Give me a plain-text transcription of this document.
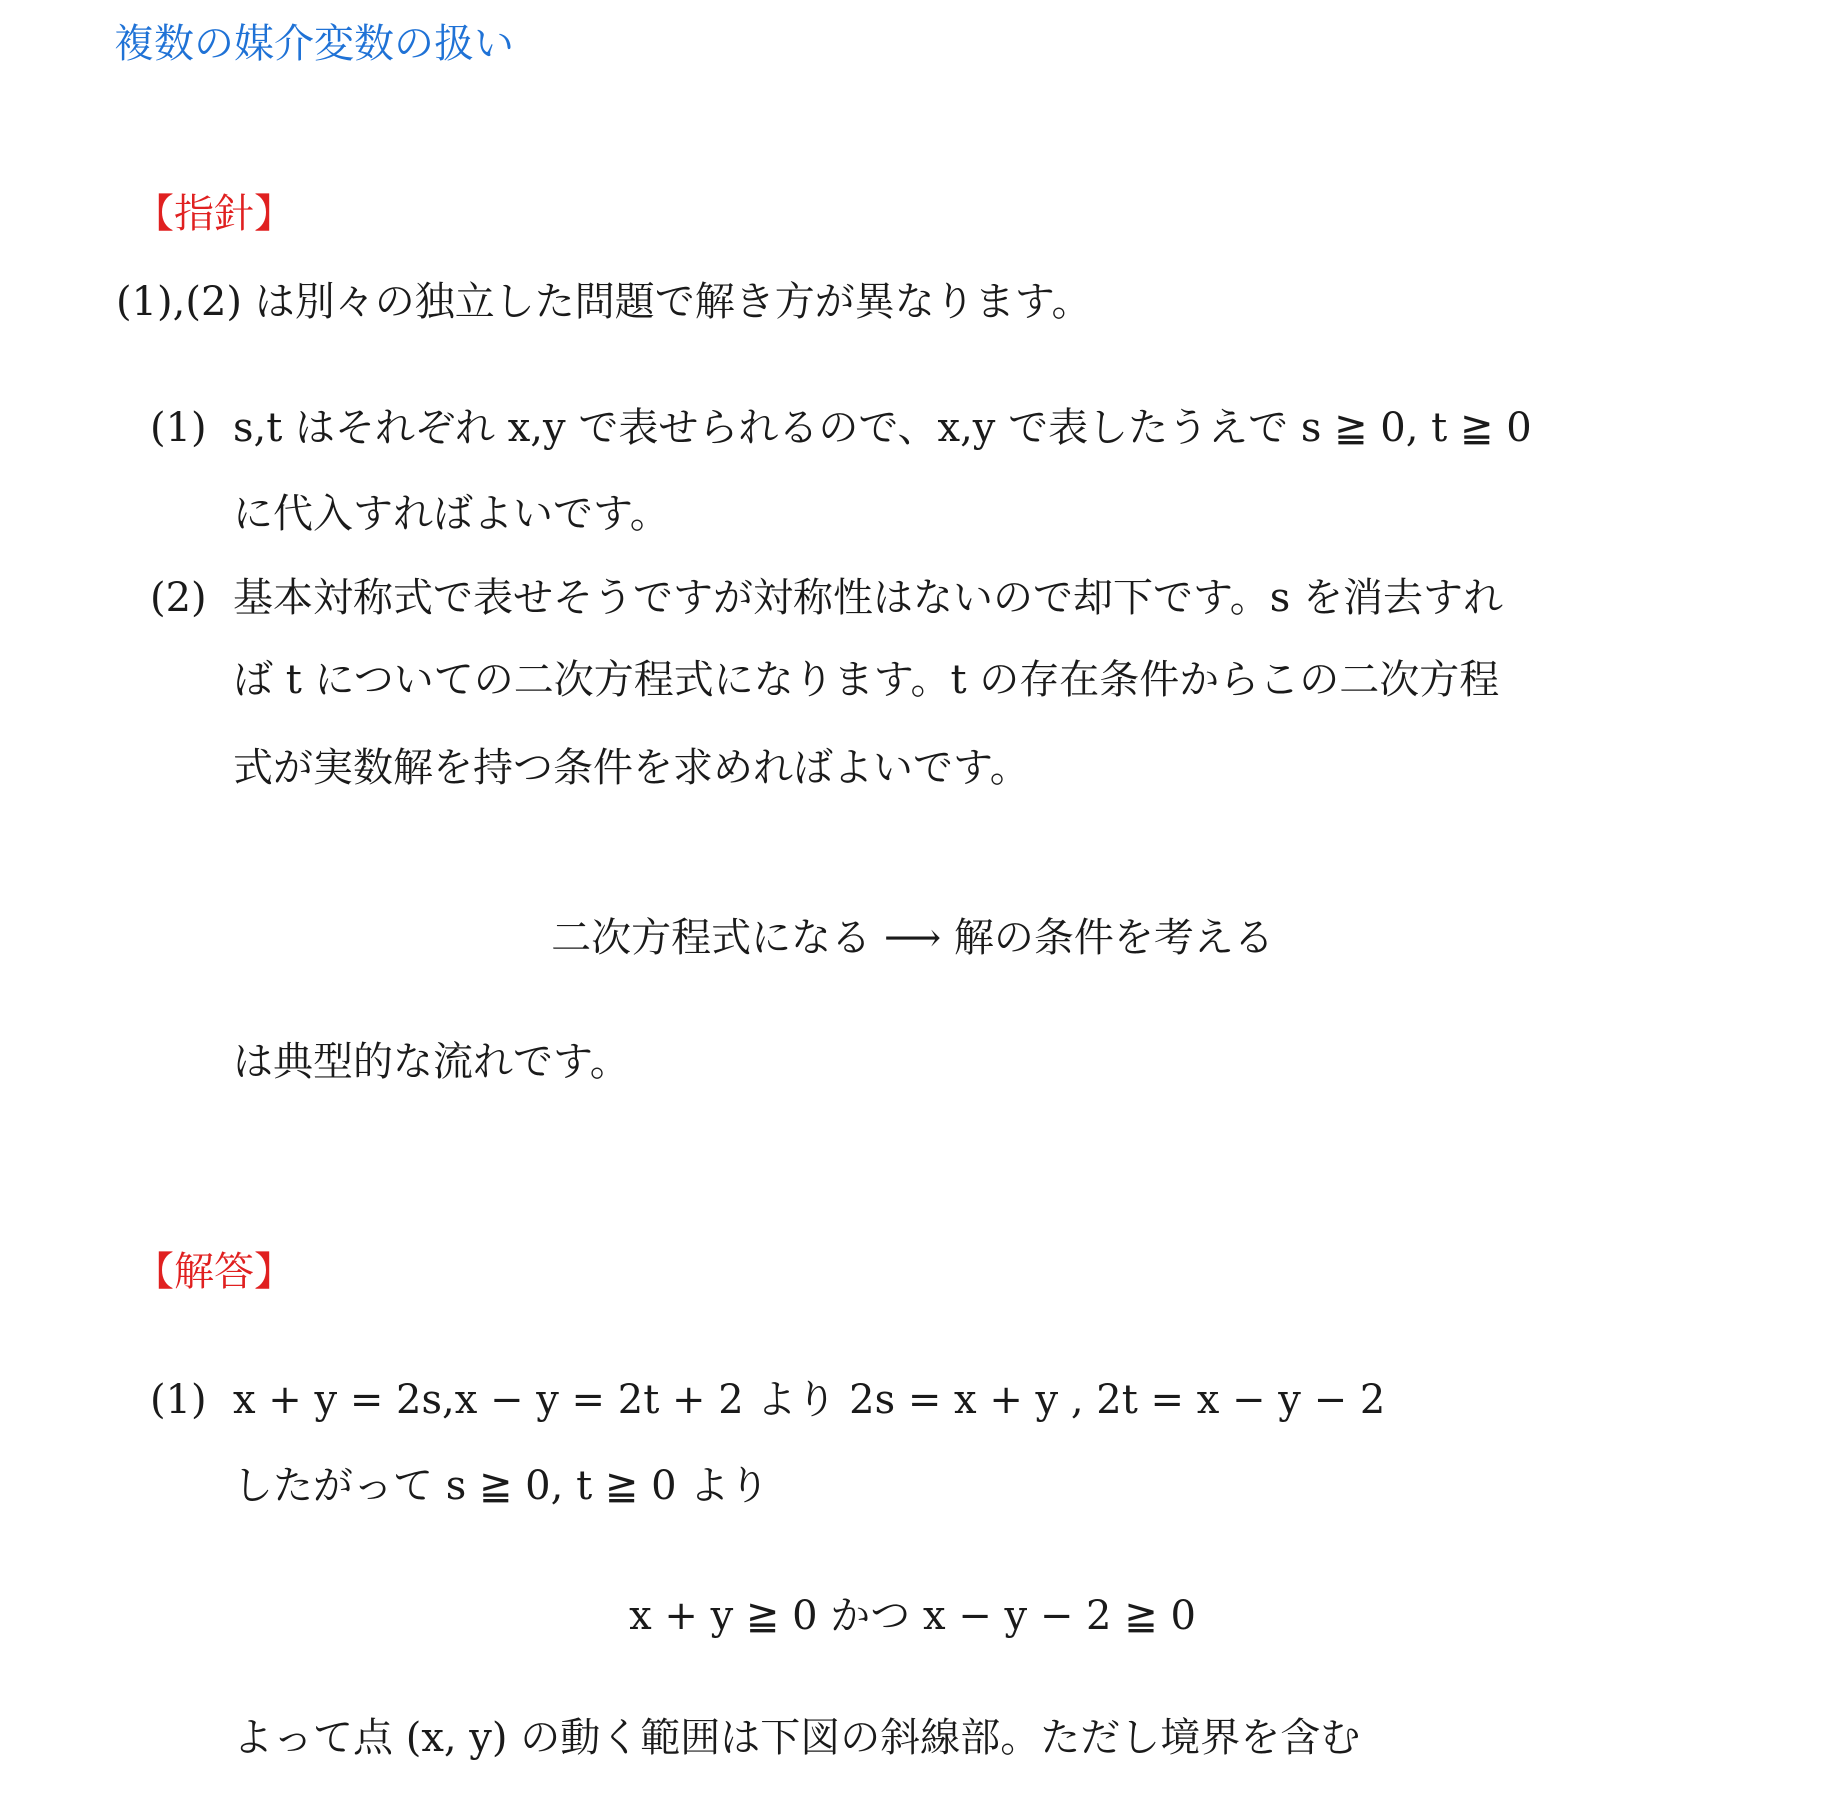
複数の媒介変数の扱い
【指針】
(1),(2) は別々の独立した問題で解き方が異なります。
(1) s,t はそれぞれ x,y で表せられるので、x,y で表したうえで s ≧ 0, t ≧ 0
に代入すればよいです。
(2) 基本対称式で表せそうですが対称性はないので却下です。s を消去すれ
ば t についての二次方程式になります。t の存在条件からこの二次方程
式が実数解を持つ条件を求めればよいです。
二次方程式になる ⟶ 解の条件を考える
は典型的な流れです。
【解答】
(1) x + y = 2s,x − y = 2t + 2 より 2s = x + y , 2t = x − y − 2
したがって s ≧ 0, t ≧ 0 より
x + y ≧ 0 かつ x − y − 2 ≧ 0
よって点 (x, y) の動く範囲は下図の斜線部。ただし境界を含む
